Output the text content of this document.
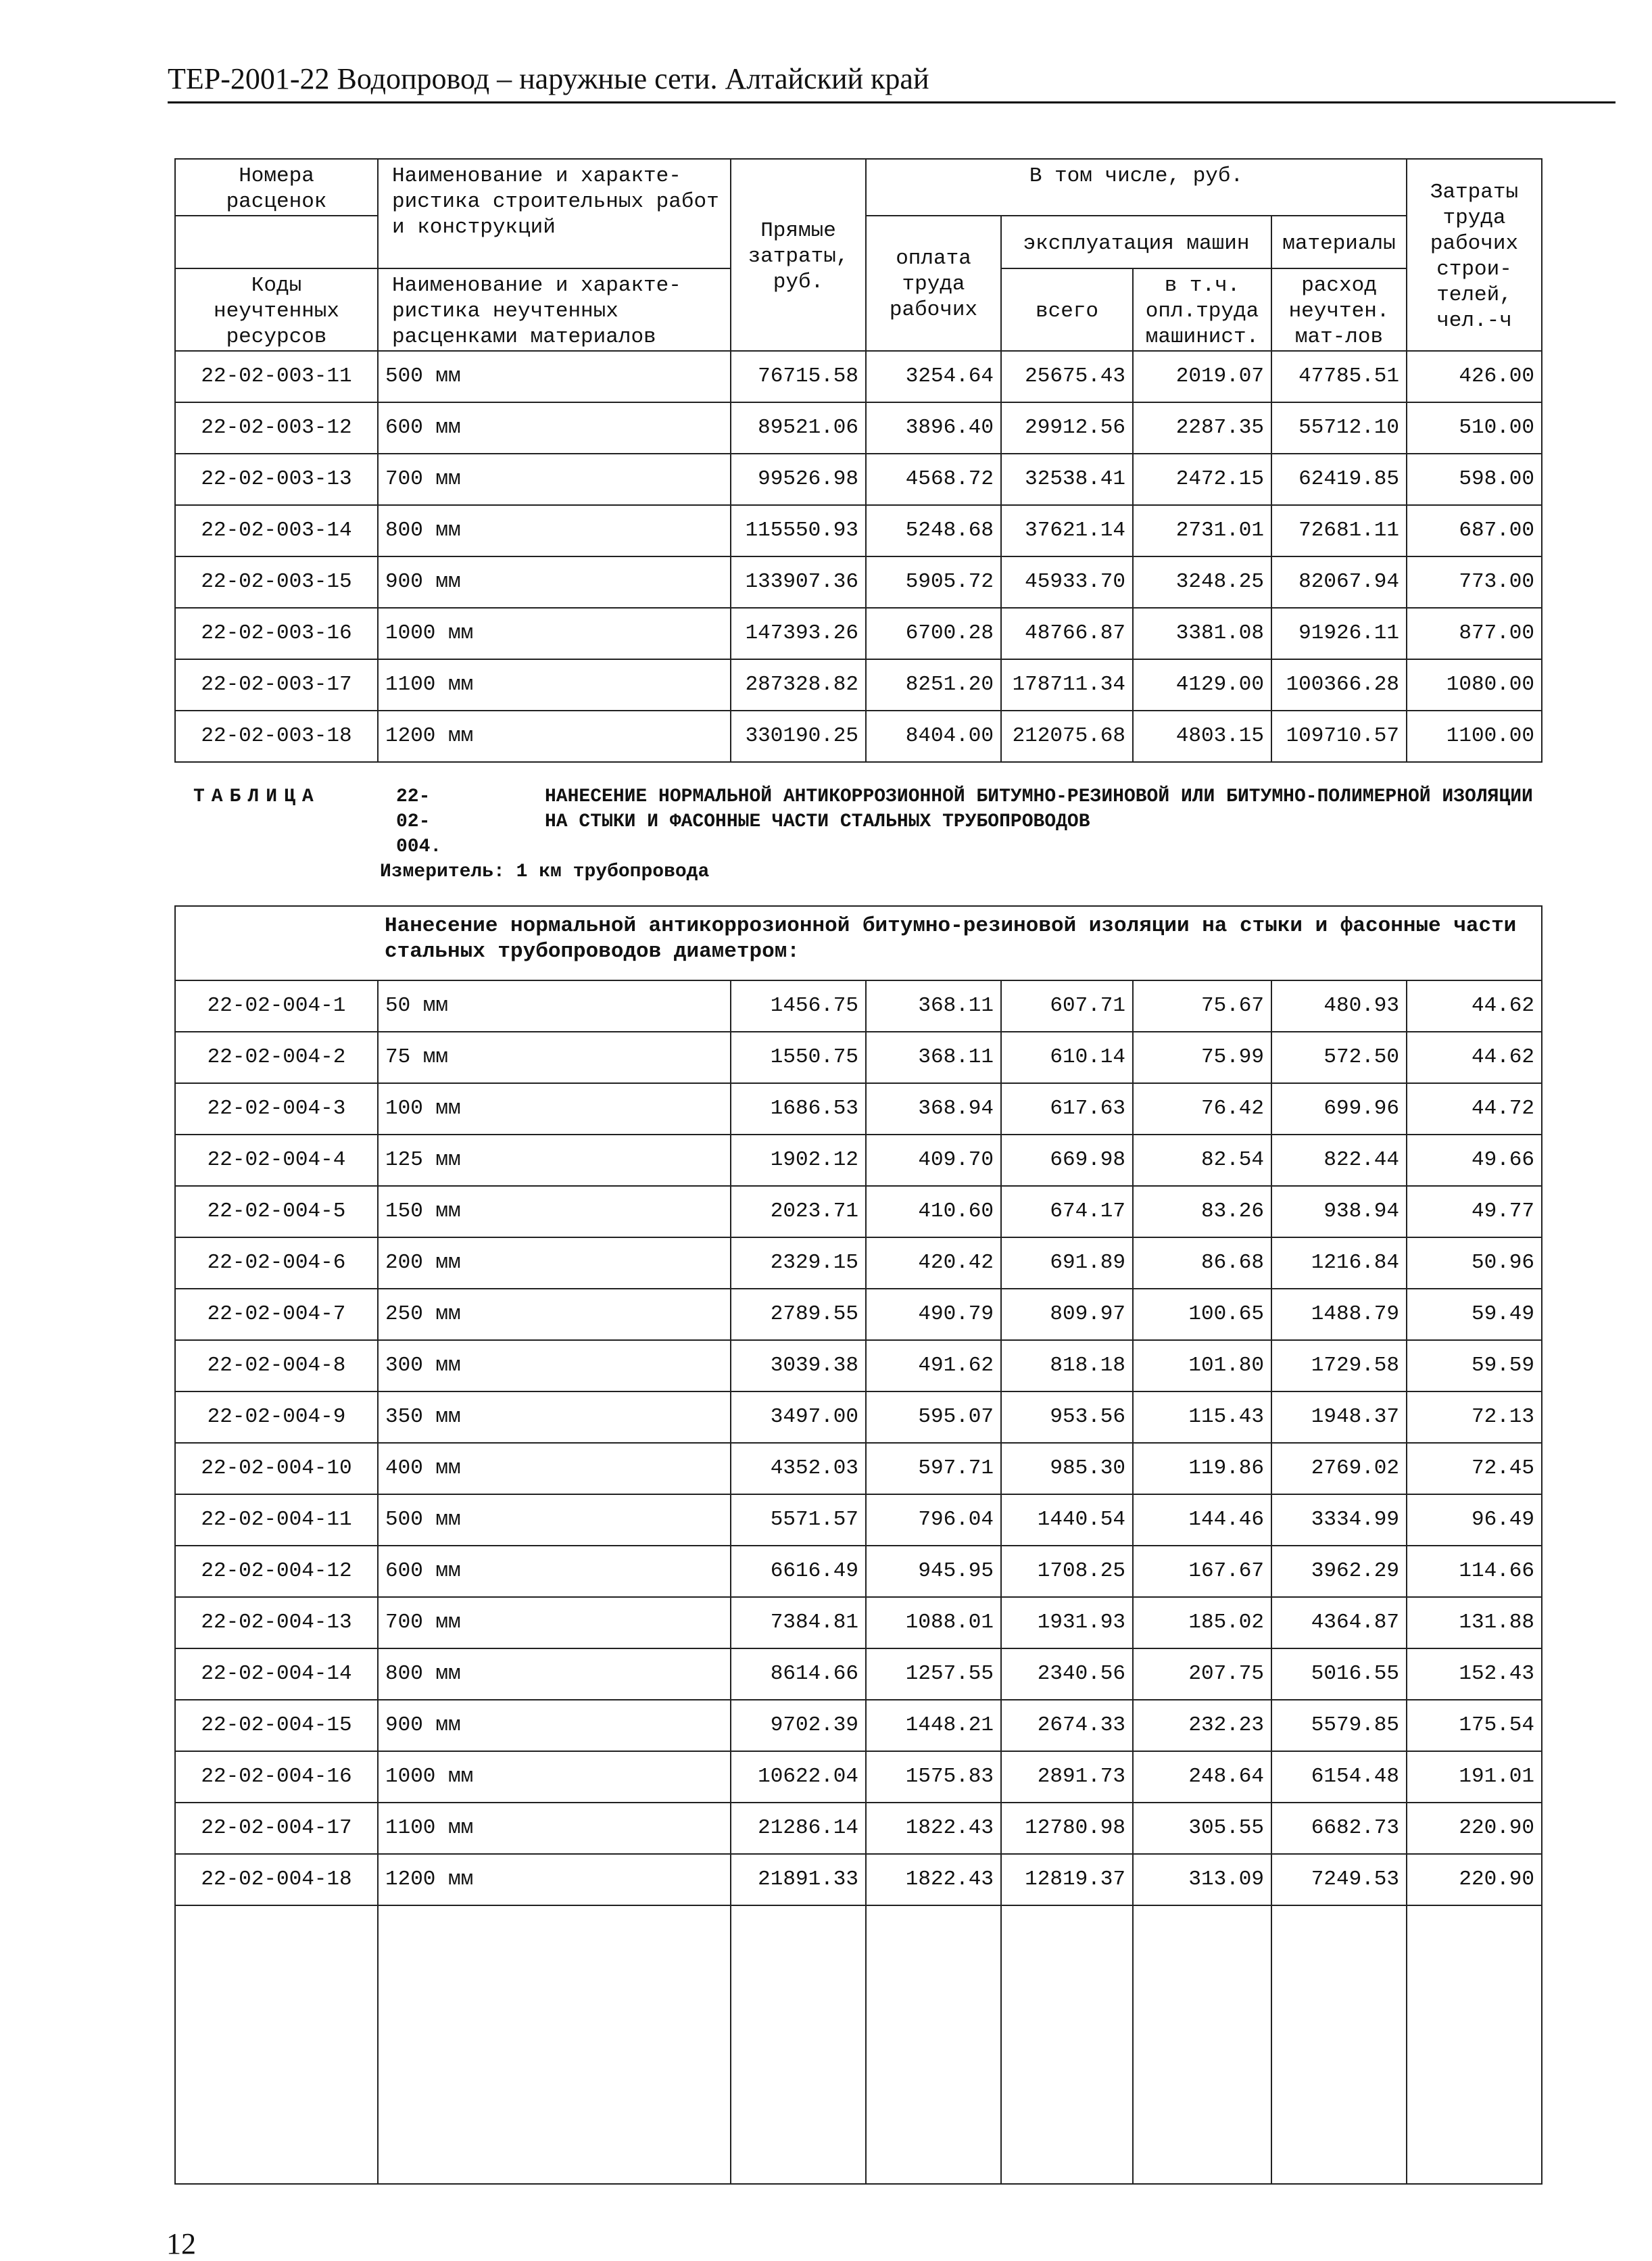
ТЕР-2001-22 Водопровод – наружные сети. Алтайский край
Номера расценок	Наименование и характе-ристика строительных работ и конструкций	Прямые затраты, руб.	В том числе, руб.				Затраты труда рабочих строи-телей, чел.-ч
			оплата труда рабочих	эксплуатация машин		материалы	
Коды неучтенных ресурсов	Наименование и характе-ристика неучтенных расценками материалов			всего	в т.ч. опл.труда машинист.	расход неучтен. мат-лов	

22-02-003-11	500 мм	76715.58	3254.64	25675.43	2019.07	47785.51	426.00
22-02-003-12	600 мм	89521.06	3896.40	29912.56	2287.35	55712.10	510.00
22-02-003-13	700 мм	99526.98	4568.72	32538.41	2472.15	62419.85	598.00
22-02-003-14	800 мм	115550.93	5248.68	37621.14	2731.01	72681.11	687.00
22-02-003-15	900 мм	133907.36	5905.72	45933.70	3248.25	82067.94	773.00
22-02-003-16	1000 мм	147393.26	6700.28	48766.87	3381.08	91926.11	877.00
22-02-003-17	1100 мм	287328.82	8251.20	178711.34	4129.00	100366.28	1080.00
22-02-003-18	1200 мм	330190.25	8404.00	212075.68	4803.15	109710.57	1100.00
ТАБЛИЦА	22-02-004.
НАНЕСЕНИЕ НОРМАЛЬНОЙ АНТИКОРРОЗИОННОЙ БИТУМНО-РЕЗИНОВОЙ ИЛИ БИТУМНО-ПОЛИМЕРНОЙ ИЗОЛЯЦИИ НА СТЫКИ И ФАСОННЫЕ ЧАСТИ СТАЛЬНЫХ ТРУБОПРОВОДОВ
Измеритель: 1 км трубопровода
	Нанесение нормальной антикоррозионной битумно-резиновой изоляции на стыки и фасонные части стальных трубопроводов диаметром:						
22-02-004-1	50 мм	1456.75	368.11	607.71	75.67	480.93	44.62
22-02-004-2	75 мм	1550.75	368.11	610.14	75.99	572.50	44.62
22-02-004-3	100 мм	1686.53	368.94	617.63	76.42	699.96	44.72
22-02-004-4	125 мм	1902.12	409.70	669.98	82.54	822.44	49.66
22-02-004-5	150 мм	2023.71	410.60	674.17	83.26	938.94	49.77
22-02-004-6	200 мм	2329.15	420.42	691.89	86.68	1216.84	50.96
22-02-004-7	250 мм	2789.55	490.79	809.97	100.65	1488.79	59.49
22-02-004-8	300 мм	3039.38	491.62	818.18	101.80	1729.58	59.59
22-02-004-9	350 мм	3497.00	595.07	953.56	115.43	1948.37	72.13
22-02-004-10	400 мм	4352.03	597.71	985.30	119.86	2769.02	72.45
22-02-004-11	500 мм	5571.57	796.04	1440.54	144.46	3334.99	96.49
22-02-004-12	600 мм	6616.49	945.95	1708.25	167.67	3962.29	114.66
22-02-004-13	700 мм	7384.81	1088.01	1931.93	185.02	4364.87	131.88
22-02-004-14	800 мм	8614.66	1257.55	2340.56	207.75	5016.55	152.43
22-02-004-15	900 мм	9702.39	1448.21	2674.33	232.23	5579.85	175.54
22-02-004-16	1000 мм	10622.04	1575.83	2891.73	248.64	6154.48	191.01
22-02-004-17	1100 мм	21286.14	1822.43	12780.98	305.55	6682.73	220.90
22-02-004-18	1200 мм	21891.33	1822.43	12819.37	313.09	7249.53	220.90

12
